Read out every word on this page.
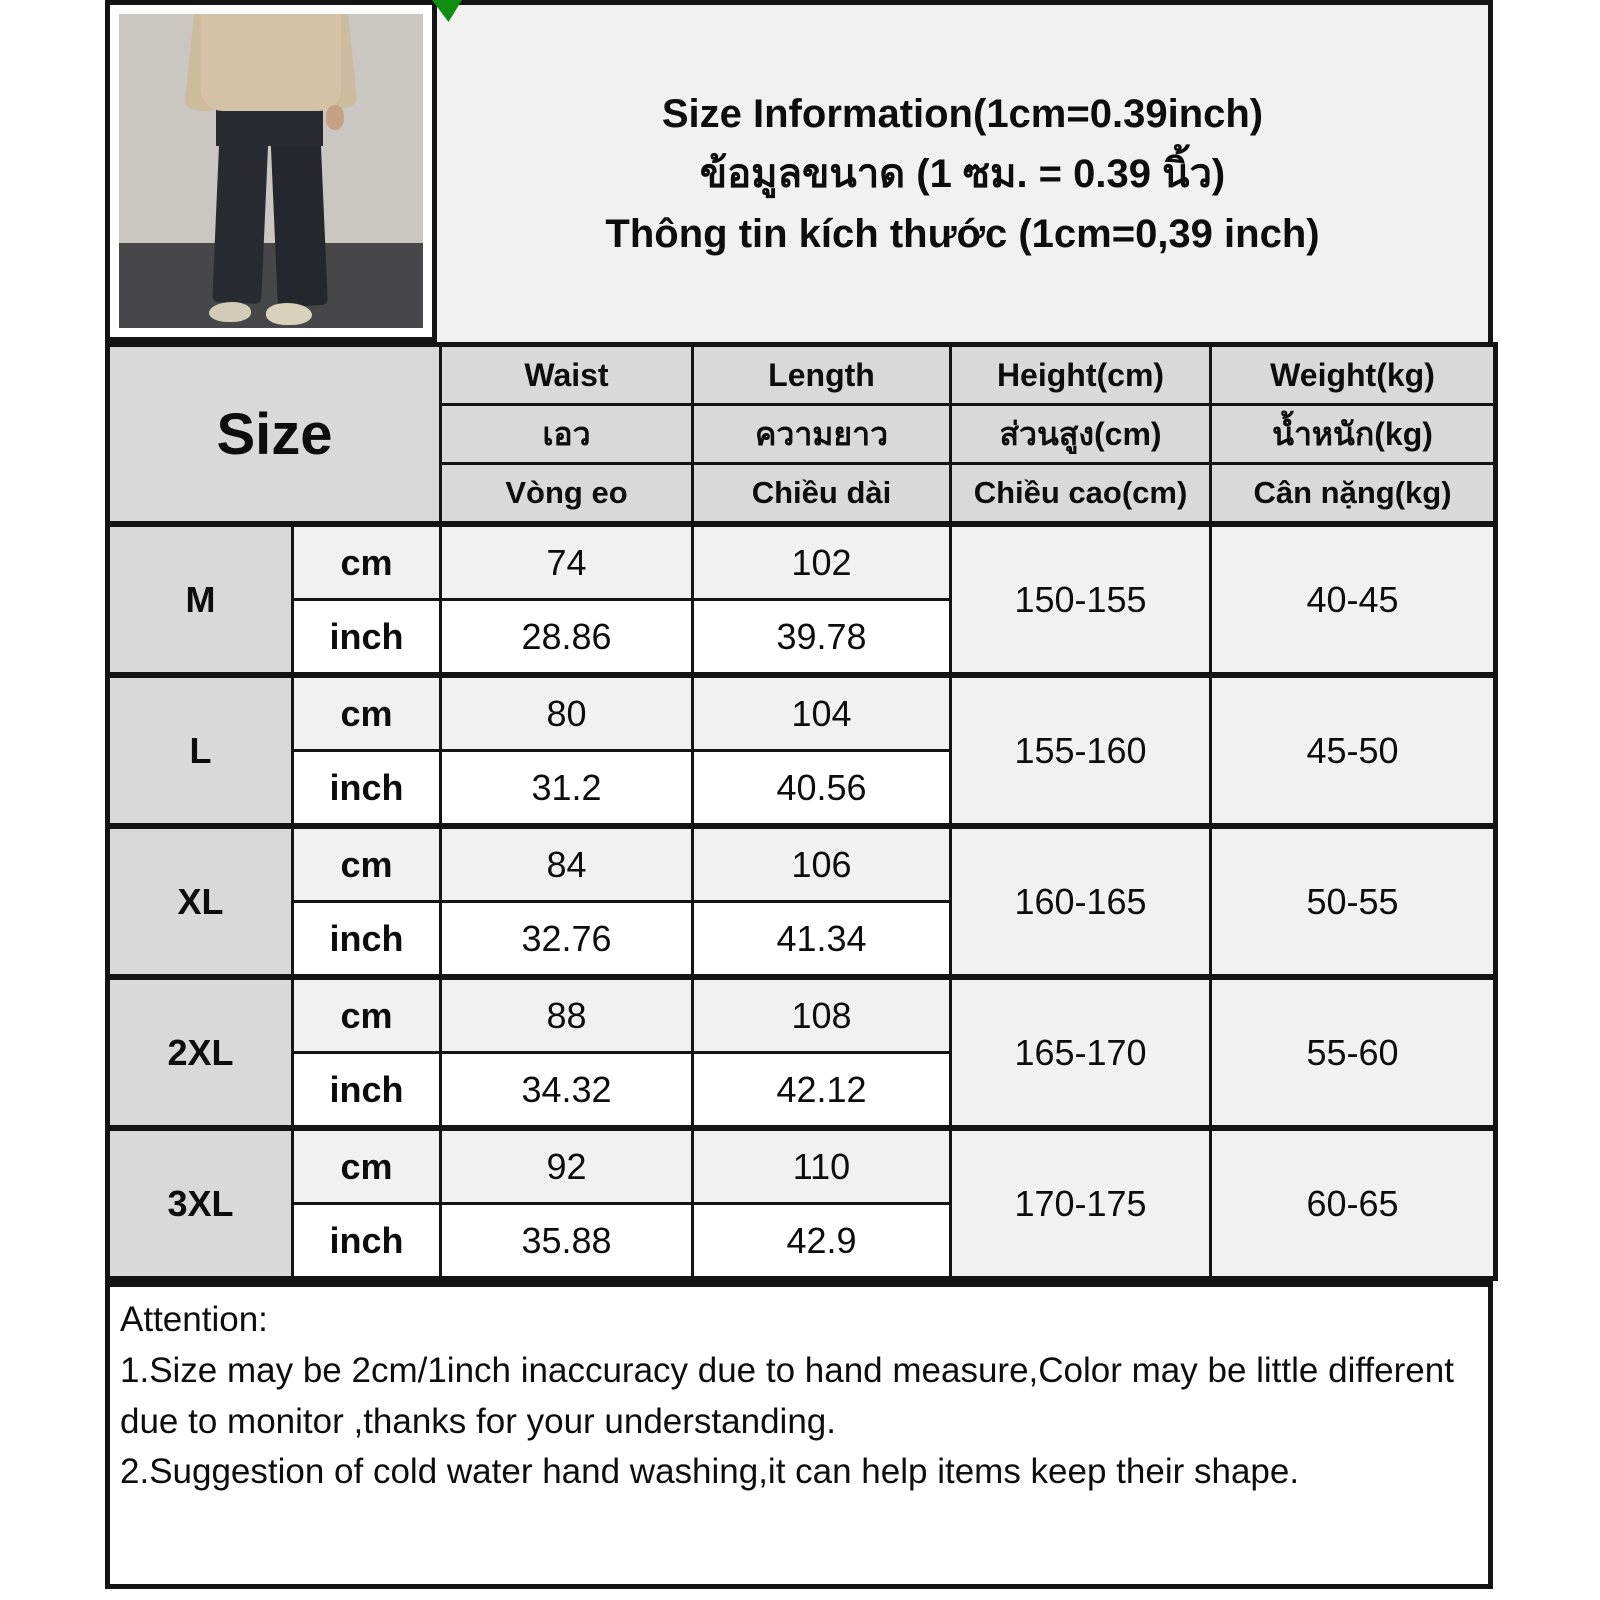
Size Information(1cm=0.39inch)
ข้อมูลขนาด (1 ซม. = 0.39 นิ้ว)
Thông tin kích thước (1cm=0,39 inch)
Size		Waist	Length	Height(cm)	Weight(kg)
		เอว	ความยาว	ส่วนสูง(cm)	น้ำหนัก(kg)
		Vòng eo	Chiều dài	Chiều cao(cm)	Cân nặng(kg)
M	cm	74	102	150-155	40-45
	inch	28.86	39.78		
L	cm	80	104	155-160	45-50
	inch	31.2	40.56		
XL	cm	84	106	160-165	50-55
	inch	32.76	41.34		
2XL	cm	88	108	165-170	55-60
	inch	34.32	42.12		
3XL	cm	92	110	170-175	60-65
	inch	35.88	42.9		

Attention:

1.Size may be 2cm/1inch inaccuracy due to hand measure,Color may be little different due to monitor ,thanks for your understanding.

2.Suggestion of cold water hand washing,it can help items keep their shape.
